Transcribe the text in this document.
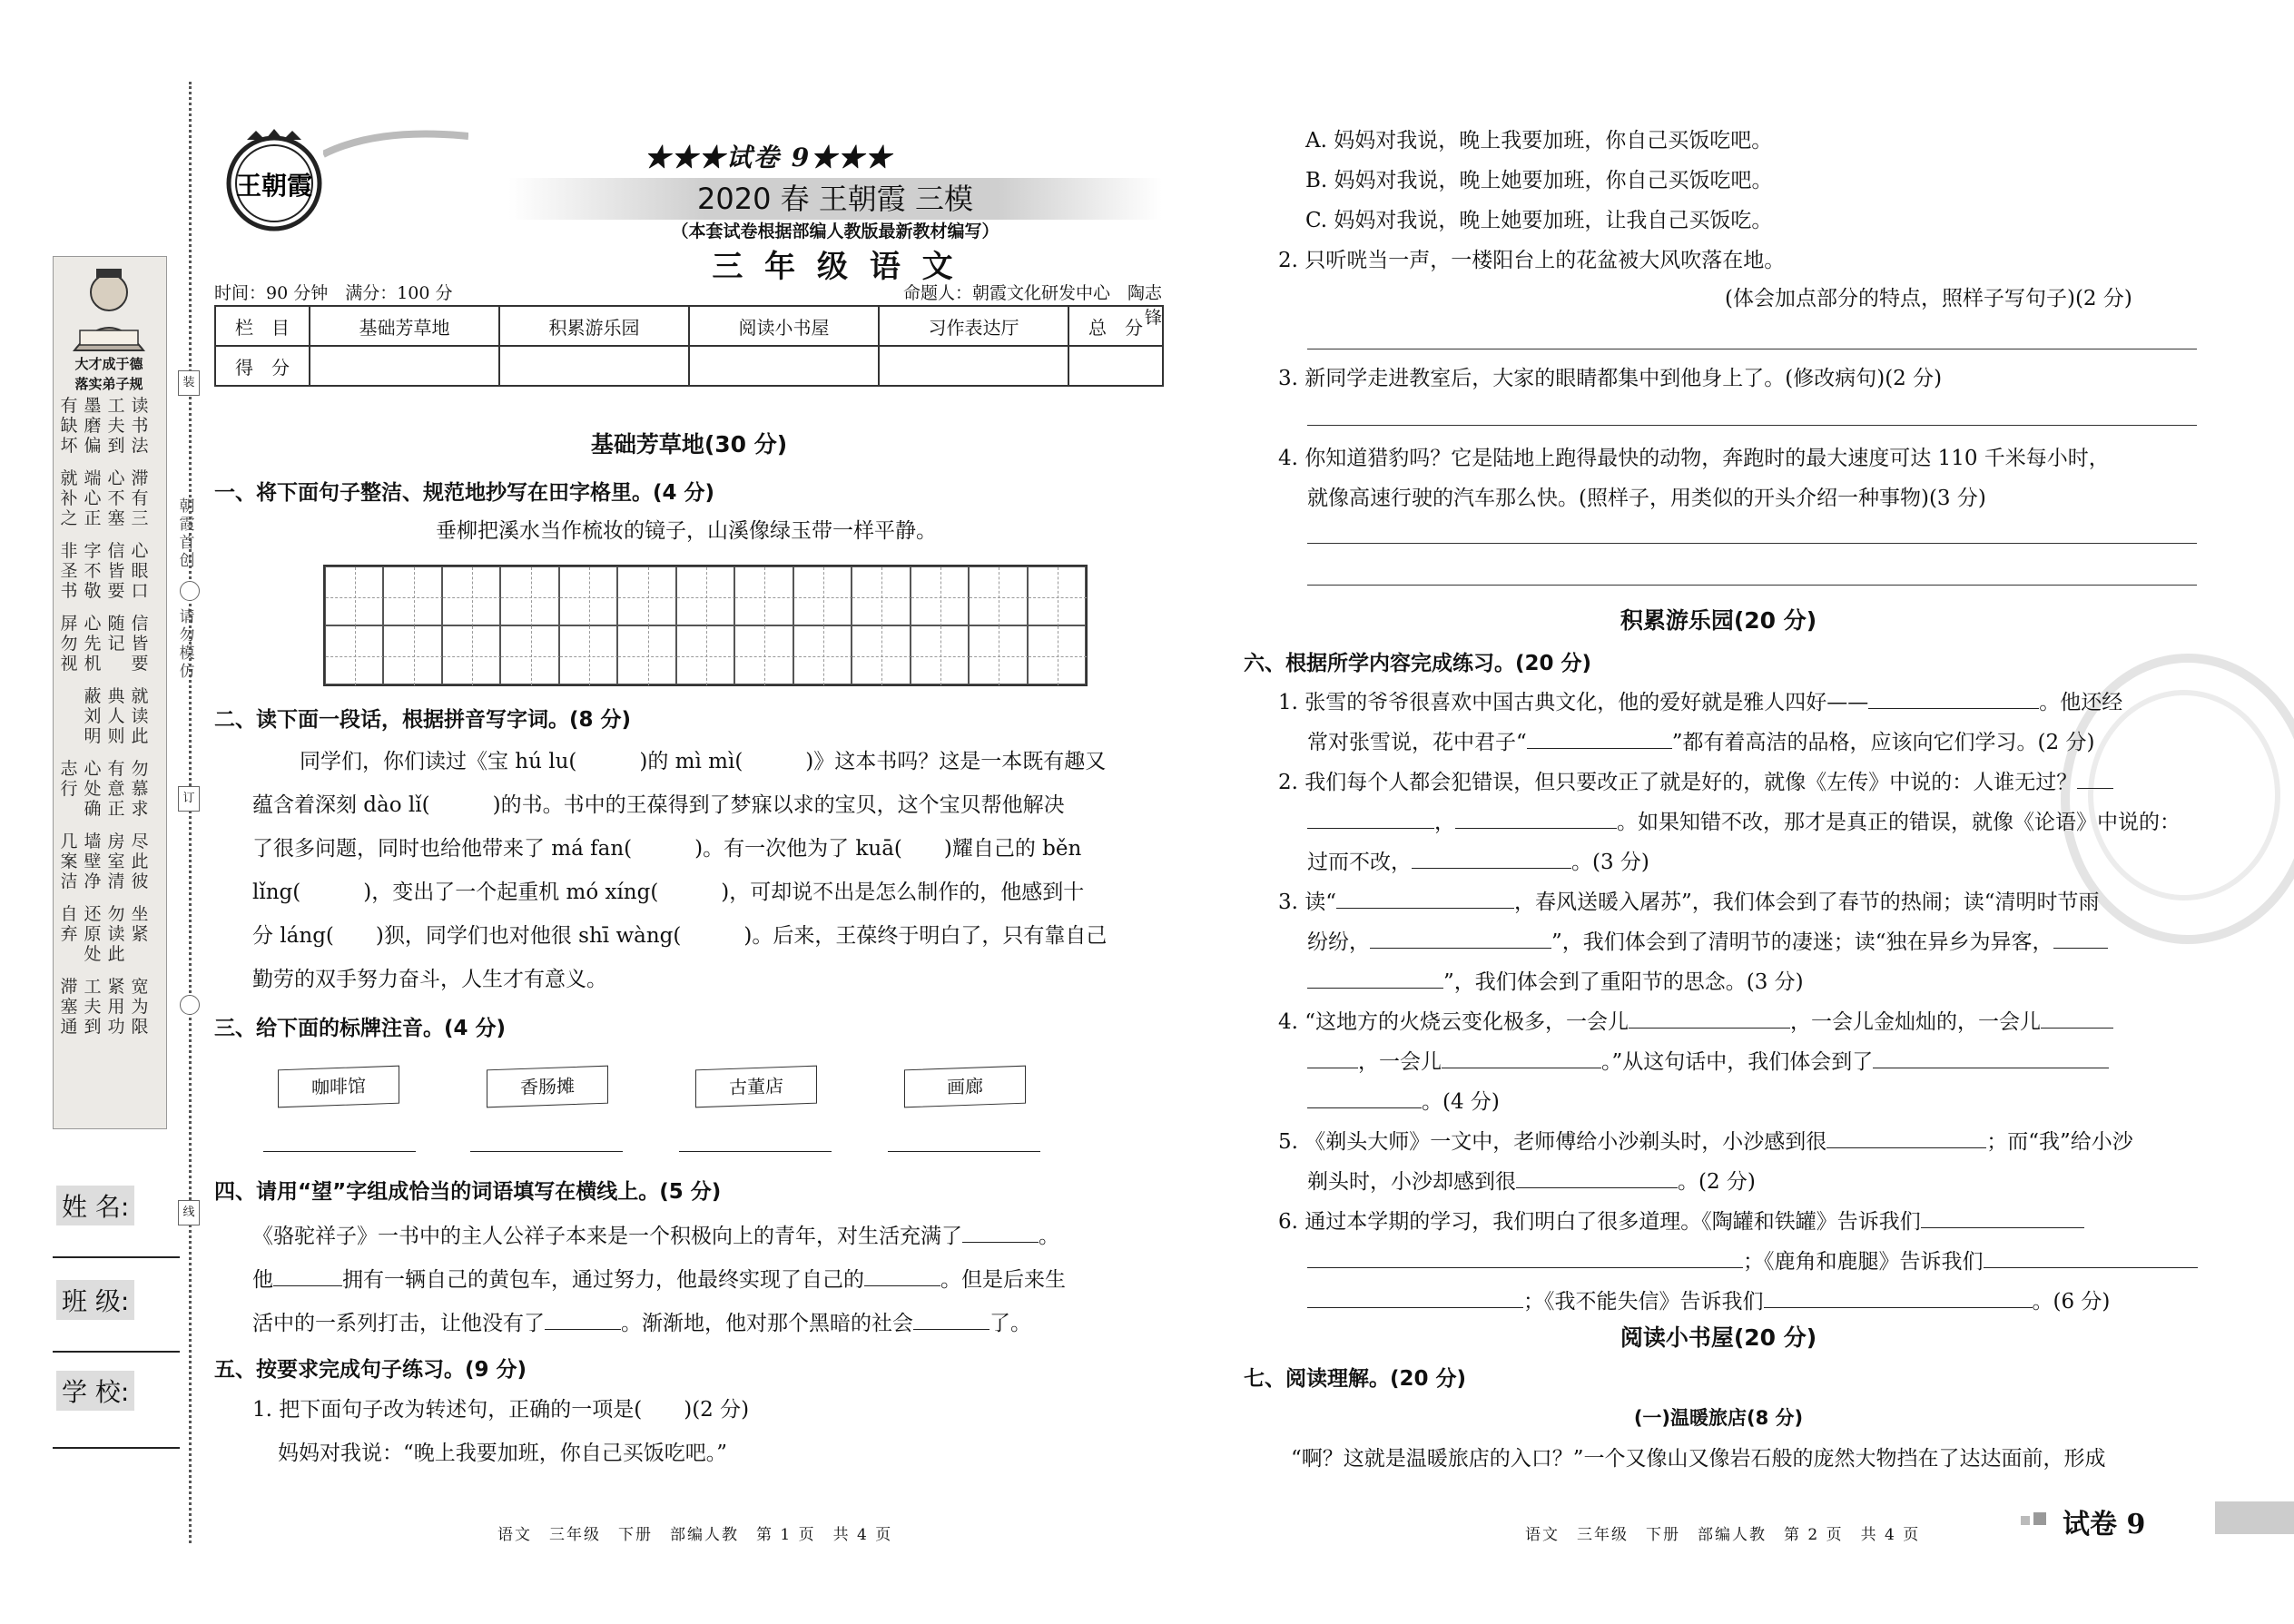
装
朝霞首创
请勿模仿
订
线
大才成于德
落实弟子规
读书法
工夫到
墨磨偏
有缺坏
滞有三
心不塞
端心正
就补之
心眼口
信皆要
字不敬
非圣书
信皆要
随记
心先机
屏勿视
就读此
典人则
蔽刘明
勿慕求
有意正
心处确
志行
尽此彼
房室清
墙壁净
几案洁
坐紧
勿读此
还原处
自弃
宽为限
紧用功
工夫到
滞塞通
姓 名:
班 级:
学 校:
王朝霞
★★★试卷 9★★★
2020 春 王朝霞 三模
（本套试卷根据部编人教版最新教材编写）
三 年 级 语 文
时间：90 分钟　满分：100 分	命题人：朝霞文化研发中心　陶志锋
栏　目	基础芳草地	积累游乐园	阅读小书屋	习作表达厅	总　分
得　分					
基础芳草地(30 分)
一、将下面句子整洁、规范地抄写在田字格里。(4 分)
垂柳把溪水当作梳妆的镜子，山溪像绿玉带一样平静。
二、读下面一段话，根据拼音写字词。(8 分)
同学们，你们读过《宝 hú lu(　　　)的 mì mì(　　　)》这本书吗？这是一本既有趣又
蕴含着深刻 dào lǐ(　　　)的书。书中的王葆得到了梦寐以求的宝贝，这个宝贝帮他解决
了很多问题，同时也给他带来了 má fan(　　　)。有一次他为了 kuā(　　)耀自己的 běn
lǐng(　　　)，变出了一个起重机 mó xíng(　　　)，可却说不出是怎么制作的，他感到十
分 láng(　　)狈，同学们也对他很 shī wàng(　　　)。后来，王葆终于明白了，只有靠自己
勤劳的双手努力奋斗，人生才有意义。
三、给下面的标牌注音。(4 分)
咖啡馆	香肠摊	古董店	画廊
四、请用“望”字组成恰当的词语填写在横线上。(5 分)
《骆驼祥子》一书中的主人公祥子本来是一个积极向上的青年，对生活充满了	。
他	拥有一辆自己的黄包车，通过努力，他最终实现了自己的	。但是后来生
活中的一系列打击，让他没有了	。渐渐地，他对那个黑暗的社会	了。
五、按要求完成句子练习。(9 分)
1. 把下面句子改为转述句，正确的一项是(　　)(2 分)
妈妈对我说：“晚上我要加班，你自己买饭吃吧。”
语文　三年级　下册　部编人教　第 1 页　共 4 页
A. 妈妈对我说，晚上我要加班，你自己买饭吃吧。
B. 妈妈对我说，晚上她要加班，你自己买饭吃吧。
C. 妈妈对我说，晚上她要加班，让我自己买饭吃。
2. 只听咣当一声，一楼阳台上的花盆被大风吹落在地。
(体会加点部分的特点，照样子写句子)(2 分)
3. 新同学走进教室后，大家的眼睛都集中到他身上了。(修改病句)(2 分)
4. 你知道猎豹吗？它是陆地上跑得最快的动物，奔跑时的最大速度可达 110 千米每小时，
就像高速行驶的汽车那么快。(照样子，用类似的开头介绍一种事物)(3 分)
积累游乐园(20 分)
六、根据所学内容完成练习。(20 分)
1. 张雪的爷爷很喜欢中国古典文化，他的爱好就是雅人四好——	。他还经
常对张雪说，花中君子“	”都有着高洁的品格，应该向它们学习。(2 分)
2. 我们每个人都会犯错误，但只要改正了就是好的，就像《左传》中说的：人谁无过？
，	。如果知错不改，那才是真正的错误，就像《论语》中说的：
过而不改，	。(3 分)
3. 读“	，春风送暖入屠苏”，我们体会到了春节的热闹；读“清明时节雨
纷纷，	”，我们体会到了清明节的凄迷；读“独在异乡为异客，
”，我们体会到了重阳节的思念。(3 分)
4. “这地方的火烧云变化极多，一会儿	，一会儿金灿灿的，一会儿
，一会儿	。”从这句话中，我们体会到了
。(4 分)
5. 《剃头大师》一文中，老师傅给小沙剃头时，小沙感到很	；而“我”给小沙
剃头时，小沙却感到很	。(2 分)
6. 通过本学期的学习，我们明白了很多道理。《陶罐和铁罐》告诉我们
；《鹿角和鹿腿》告诉我们
；《我不能失信》告诉我们	。(6 分)
阅读小书屋(20 分)
七、阅读理解。(20 分)
(一)温暖旅店(8 分)
“啊？这就是温暖旅店的入口？”一个又像山又像岩石般的庞然大物挡在了达达面前，形成
语文　三年级　下册　部编人教　第 2 页　共 4 页	试卷 9
